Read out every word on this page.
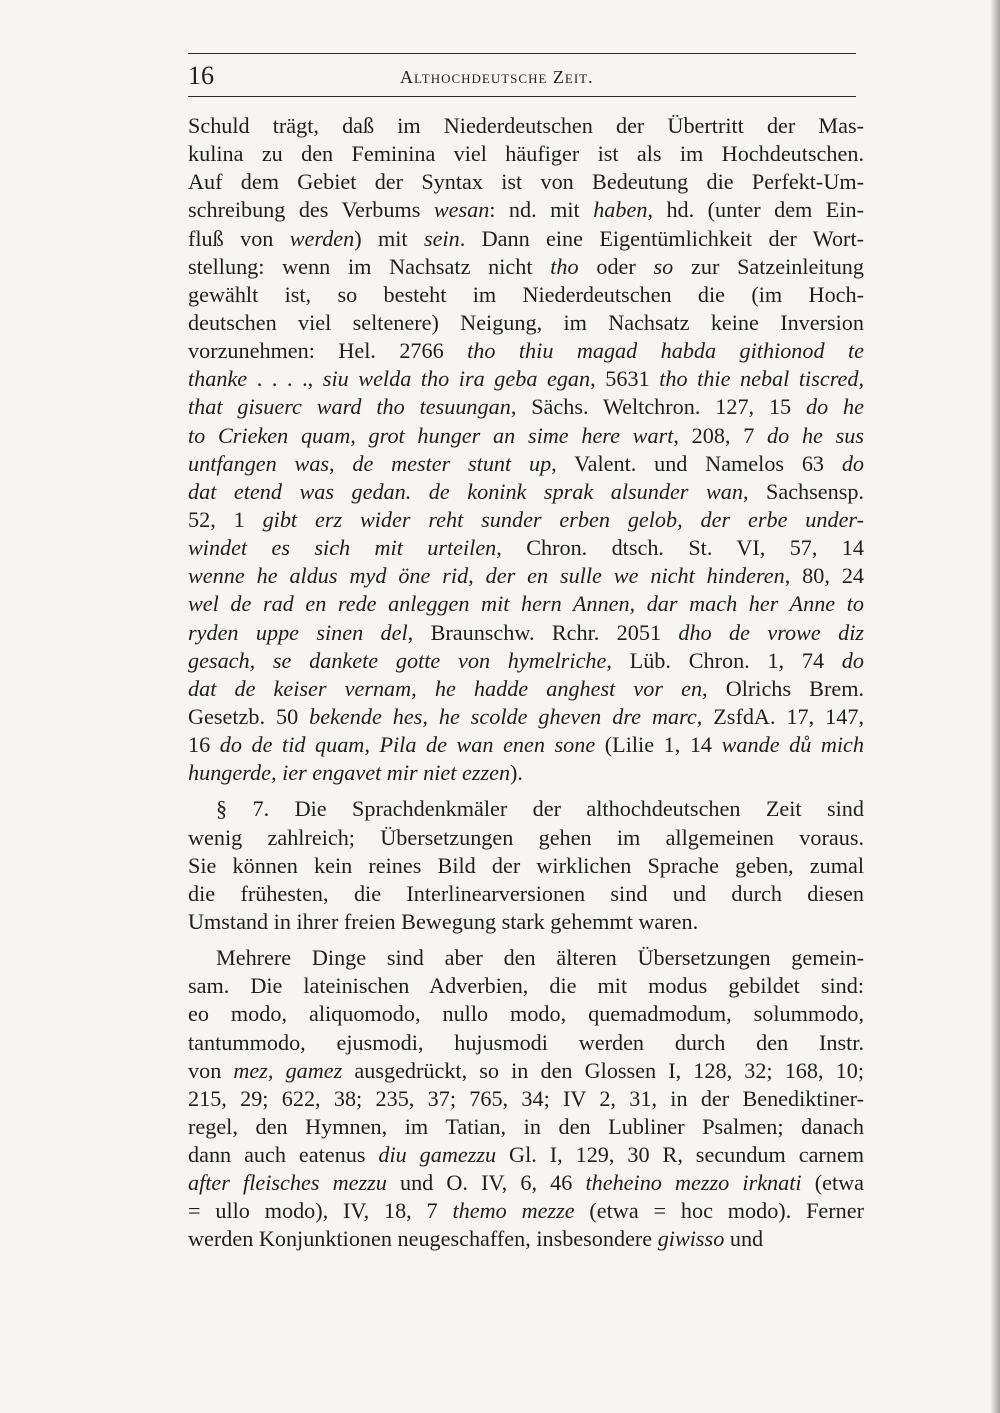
16	Althochdeutsche Zeit.
Schuld trägt, daß im Niederdeutschen der Übertritt der Mas-
kulina zu den Feminina viel häufiger ist als im Hochdeutschen.
Auf dem Gebiet der Syntax ist von Bedeutung die Perfekt-Um-
schreibung des Verbums wesan: nd. mit haben, hd. (unter dem Ein-
fluß von werden) mit sein. Dann eine Eigentümlichkeit der Wort-
stellung: wenn im Nachsatz nicht tho oder so zur Satzeinleitung
gewählt ist, so besteht im Niederdeutschen die (im Hoch-
deutschen viel seltenere) Neigung, im Nachsatz keine Inversion
vorzunehmen: Hel. 2766 tho thiu magad habda githionod te
thanke . . . ., siu welda tho ira geba egan, 5631 tho thie nebal tiscred,
that gisuerc ward tho tesuungan, Sächs. Weltchron. 127, 15 do he
to Crieken quam, grot hunger an sime here wart, 208, 7 do he sus
untfangen was, de mester stunt up, Valent. und Namelos 63 do
dat etend was gedan. de konink sprak alsunder wan, Sachsensp.
52, 1 gibt erz wider reht sunder erben gelob, der erbe under-
windet es sich mit urteilen, Chron. dtsch. St. VI, 57, 14
wenne he aldus myd öne rid, der en sulle we nicht hinderen, 80, 24
wel de rad en rede anleggen mit hern Annen, dar mach her Anne to
ryden uppe sinen del, Braunschw. Rchr. 2051 dho de vrowe diz
gesach, se dankete gotte von hymelriche, Lüb. Chron. 1, 74 do
dat de keiser vernam, he hadde anghest vor en, Olrichs Brem.
Gesetzb. 50 bekende hes, he scolde gheven dre marc, ZsfdA. 17, 147,
16 do de tid quam, Pila de wan enen sone (Lilie 1, 14 wande dů mich
hungerde, ier engavet mir niet ezzen).
§ 7. Die Sprachdenkmäler der althochdeutschen Zeit sind
wenig zahlreich; Übersetzungen gehen im allgemeinen voraus.
Sie können kein reines Bild der wirklichen Sprache geben, zumal
die frühesten, die Interlinearversionen sind und durch diesen
Umstand in ihrer freien Bewegung stark gehemmt waren.
Mehrere Dinge sind aber den älteren Übersetzungen gemein-
sam. Die lateinischen Adverbien, die mit modus gebildet sind:
eo modo, aliquomodo, nullo modo, quemadmodum, solummodo,
tantummodo, ejusmodi, hujusmodi werden durch den Instr.
von mez, gamez ausgedrückt, so in den Glossen I, 128, 32; 168, 10;
215, 29; 622, 38; 235, 37; 765, 34; IV 2, 31, in der Benediktiner-
regel, den Hymnen, im Tatian, in den Lubliner Psalmen; danach
dann auch eatenus diu gamezzu Gl. I, 129, 30 R, secundum carnem
after fleisches mezzu und O. IV, 6, 46 theheino mezzo irknati (etwa
= ullo modo), IV, 18, 7 themo mezze (etwa = hoc modo). Ferner
werden Konjunktionen neugeschaffen, insbesondere giwisso und
